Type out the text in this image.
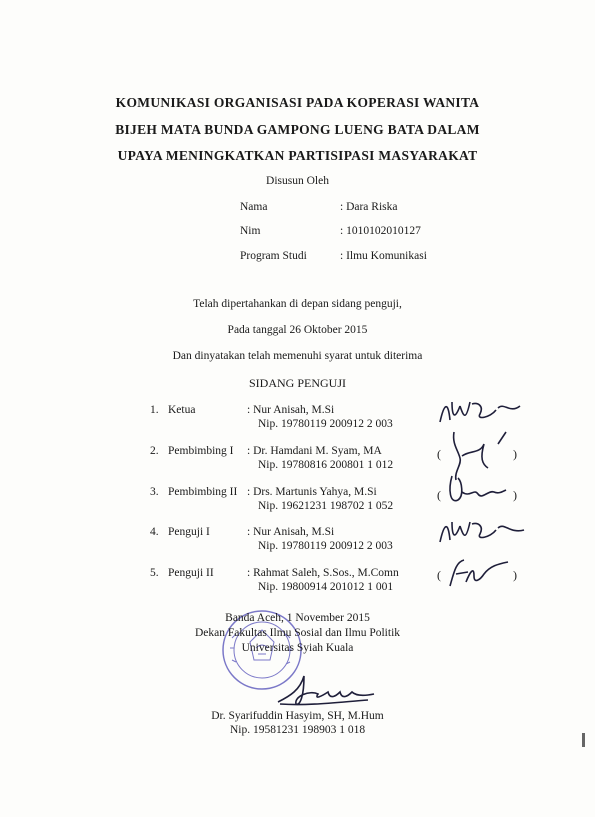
KOMUNIKASI ORGANISASI PADA KOPERASI WANITA
BIJEH MATA BUNDA GAMPONG LUENG BATA DALAM
UPAYA MENINGKATKAN PARTISIPASI MASYARAKAT
Disusun Oleh
Nama	: Dara Riska
Nim	: 1010102010127
Program Studi	: Ilmu Komunikasi
Telah dipertahankan di depan sidang penguji,
Pada tanggal 26 Oktober 2015
Dan dinyatakan telah memenuhi syarat untuk diterima
SIDANG PENGUJI
1. Ketua	: Nur Anisah, M.Si
Nip. 19780119 200912 2 003
2. Pembimbing I : Dr. Hamdani M. Syam, MA
Nip. 19780816 200801 1 012
3. Pembimbing II : Drs. Martunis Yahya, M.Si
Nip. 19621231 198702 1 052
4. Penguji I	: Nur Anisah, M.Si
Nip. 19780119 200912 2 003
5. Penguji II	: Rahmat Saleh, S.Sos., M.Comn
Nip. 19800914 201012 1 001
(	)
(	)
(	)
Banda Aceh, 1 November 2015
Dekan Fakultas Ilmu Sosial dan Ilmu Politik
Universitas Syiah Kuala
Dr. Syarifuddin Hasyim, SH, M.Hum
Nip. 19581231 198903 1 018
